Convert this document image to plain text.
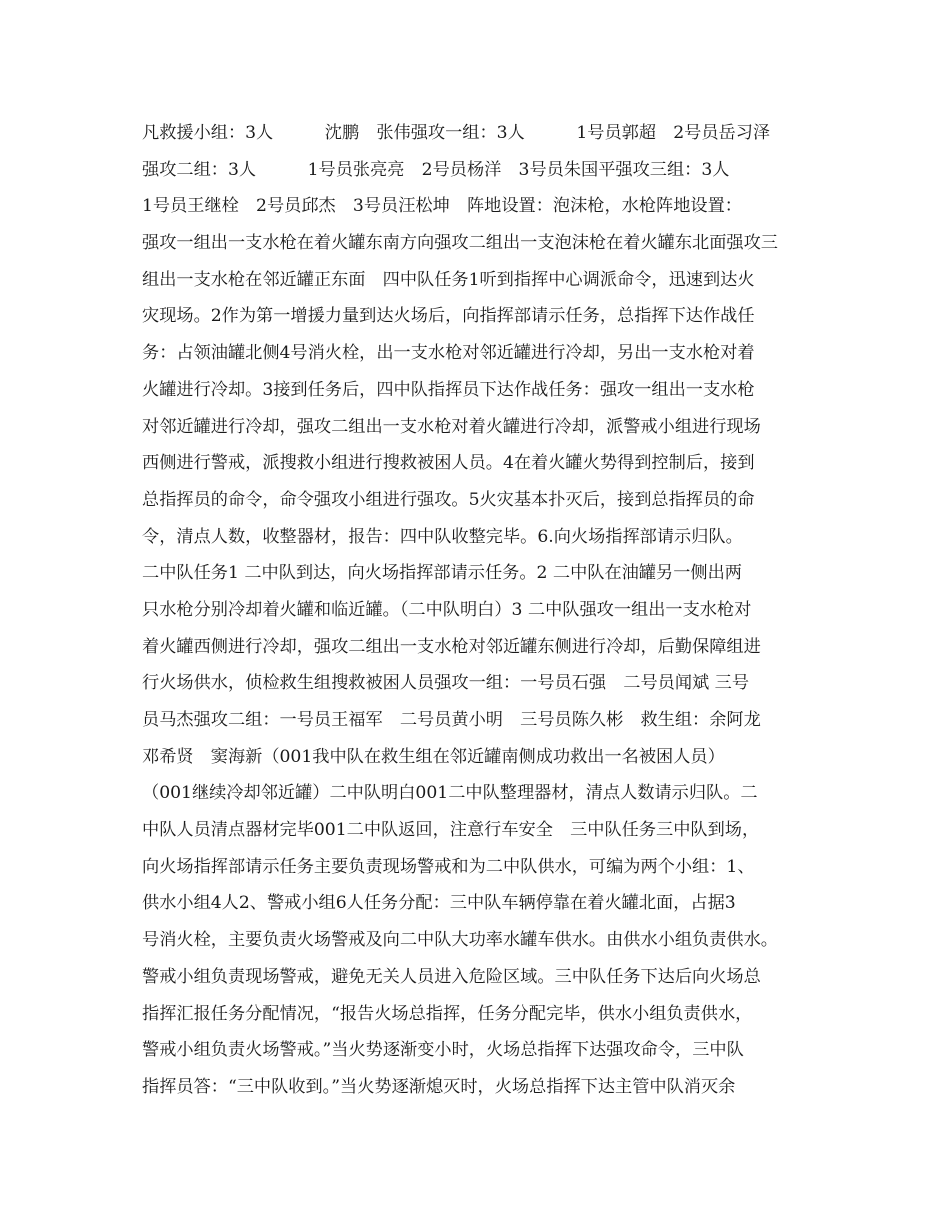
凡救援小组：3人　　　沈鹏　张伟强攻一组：3人　　　1号员郭超　2号员岳习泽
强攻二组：3人　　　1号员张亮亮　2号员杨洋　3号员朱国平强攻三组：3人
1号员王继栓　2号员邱杰　3号员汪松坤　阵地设置：泡沫枪，水枪阵地设置：
强攻一组出一支水枪在着火罐东南方向强攻二组出一支泡沫枪在着火罐东北面强攻三
组出一支水枪在邻近罐正东面　四中队任务1听到指挥中心调派命令，迅速到达火
灾现场。2作为第一增援力量到达火场后，向指挥部请示任务，总指挥下达作战任
务：占领油罐北侧4号消火栓，出一支水枪对邻近罐进行冷却，另出一支水枪对着
火罐进行冷却。3接到任务后，四中队指挥员下达作战任务：强攻一组出一支水枪
对邻近罐进行冷却，强攻二组出一支水枪对着火罐进行冷却，派警戒小组进行现场
西侧进行警戒，派搜救小组进行搜救被困人员。4在着火罐火势得到控制后，接到
总指挥员的命令，命令强攻小组进行强攻。5火灾基本扑灭后，接到总指挥员的命
令，清点人数，收整器材，报告：四中队收整完毕。6.向火场指挥部请示归队。
二中队任务1 二中队到达，向火场指挥部请示任务。2 二中队在油罐另一侧出两
只水枪分别冷却着火罐和临近罐。（二中队明白）3 二中队强攻一组出一支水枪对
着火罐西侧进行冷却，强攻二组出一支水枪对邻近罐东侧进行冷却，后勤保障组进
行火场供水，侦检救生组搜救被困人员强攻一组：一号员石强　二号员闻斌 三号
员马杰强攻二组：一号员王福军　二号员黄小明　三号员陈久彬　救生组：余阿龙
邓希贤　窦海新（001我中队在救生组在邻近罐南侧成功救出一名被困人员）
（001继续冷却邻近罐）二中队明白001二中队整理器材，清点人数请示归队。二
中队人员清点器材完毕001二中队返回，注意行车安全　三中队任务三中队到场，
向火场指挥部请示任务主要负责现场警戒和为二中队供水，可编为两个小组：1、
供水小组4人2、警戒小组6人任务分配：三中队车辆停靠在着火罐北面，占据3
号消火栓，主要负责火场警戒及向二中队大功率水罐车供水。由供水小组负责供水。
警戒小组负责现场警戒，避免无关人员进入危险区域。三中队任务下达后向火场总
指挥汇报任务分配情况，“报告火场总指挥，任务分配完毕，供水小组负责供水，
警戒小组负责火场警戒。”当火势逐渐变小时，火场总指挥下达强攻命令，三中队
指挥员答：“三中队收到。”当火势逐渐熄灭时，火场总指挥下达主管中队消灭余
